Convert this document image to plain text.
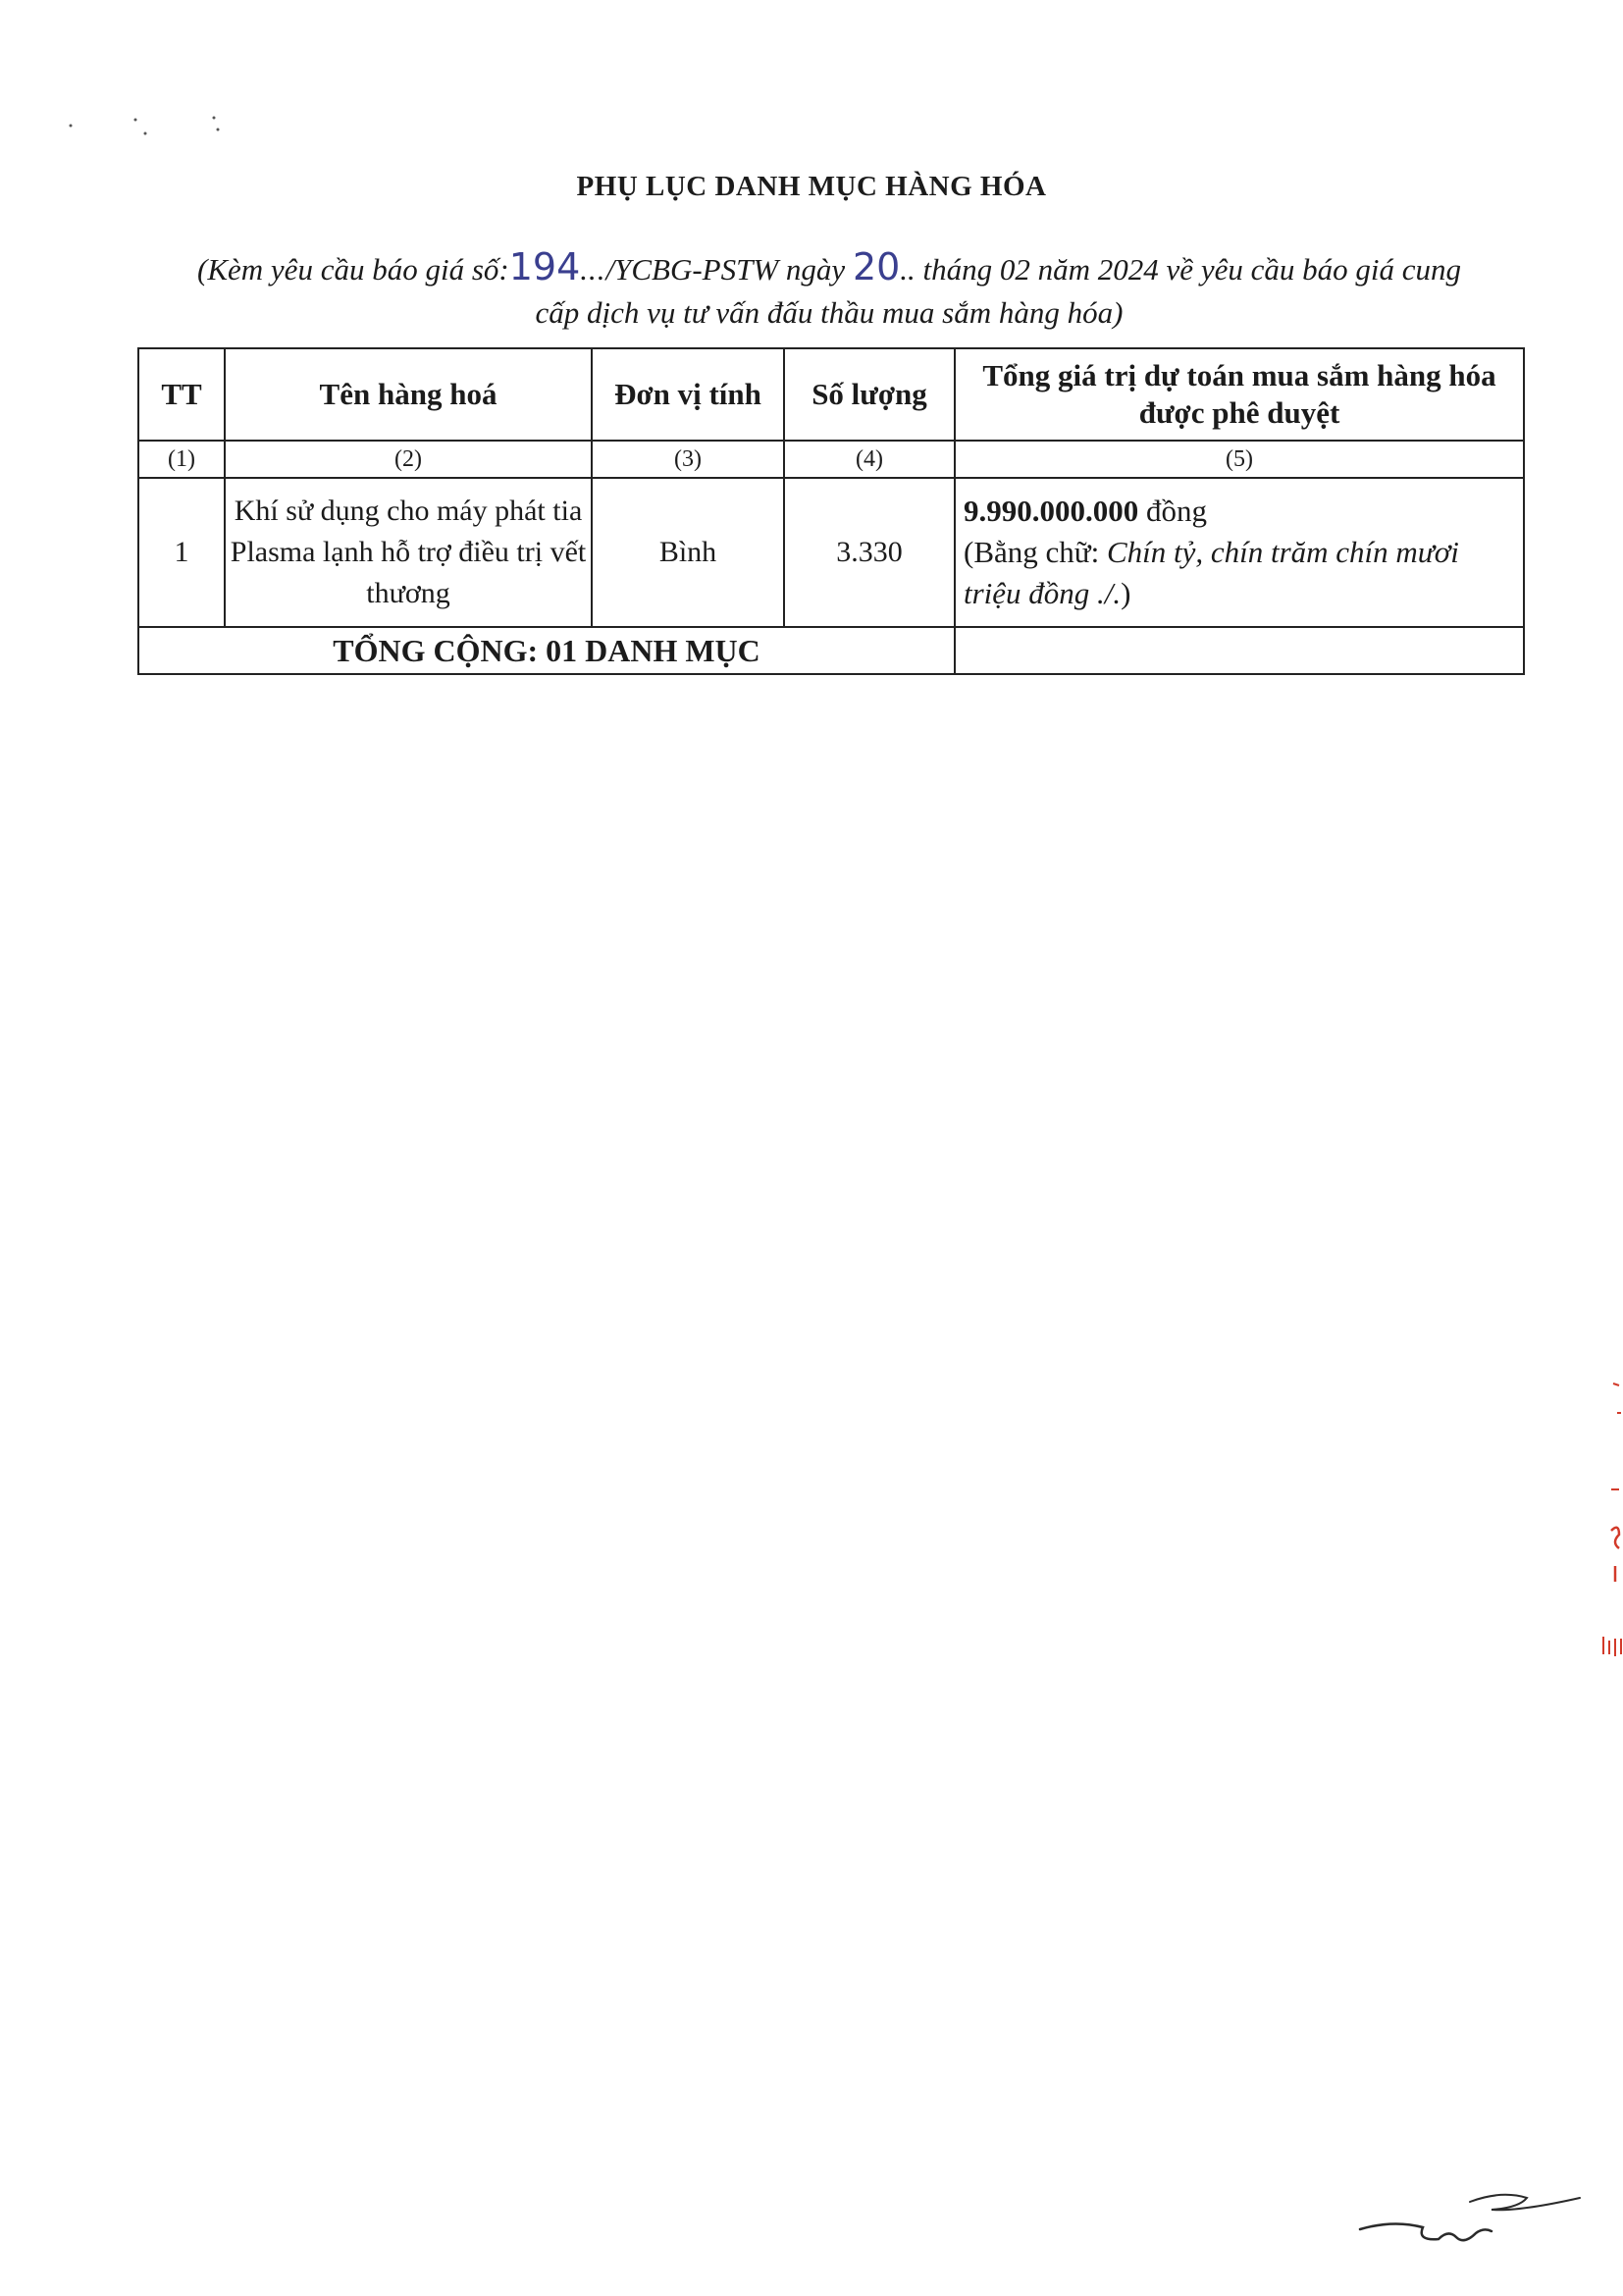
PHỤ LỤC DANH MỤC HÀNG HÓA
(Kèm yêu cầu báo giá số:194.../YCBG-PSTW ngày 20.. tháng 02 năm 2024 về yêu cầu báo giá cung
cấp dịch vụ tư vấn đấu thầu mua sắm hàng hóa)
TT	Tên hàng hoá	Đơn vị tính	Số lượng	Tổng giá trị dự toán mua sắm hàng hóa được phê duyệt
(1)	(2)	(3)	(4)	(5)
1	Khí sử dụng cho máy phát tia Plasma lạnh hỗ trợ điều trị vết thương	Bình	3.330	9.990.000.000 đồng
(Bằng chữ: Chín tỷ, chín trăm chín mươi triệu đồng ./.)
TỔNG CỘNG: 01 DANH MỤC				
